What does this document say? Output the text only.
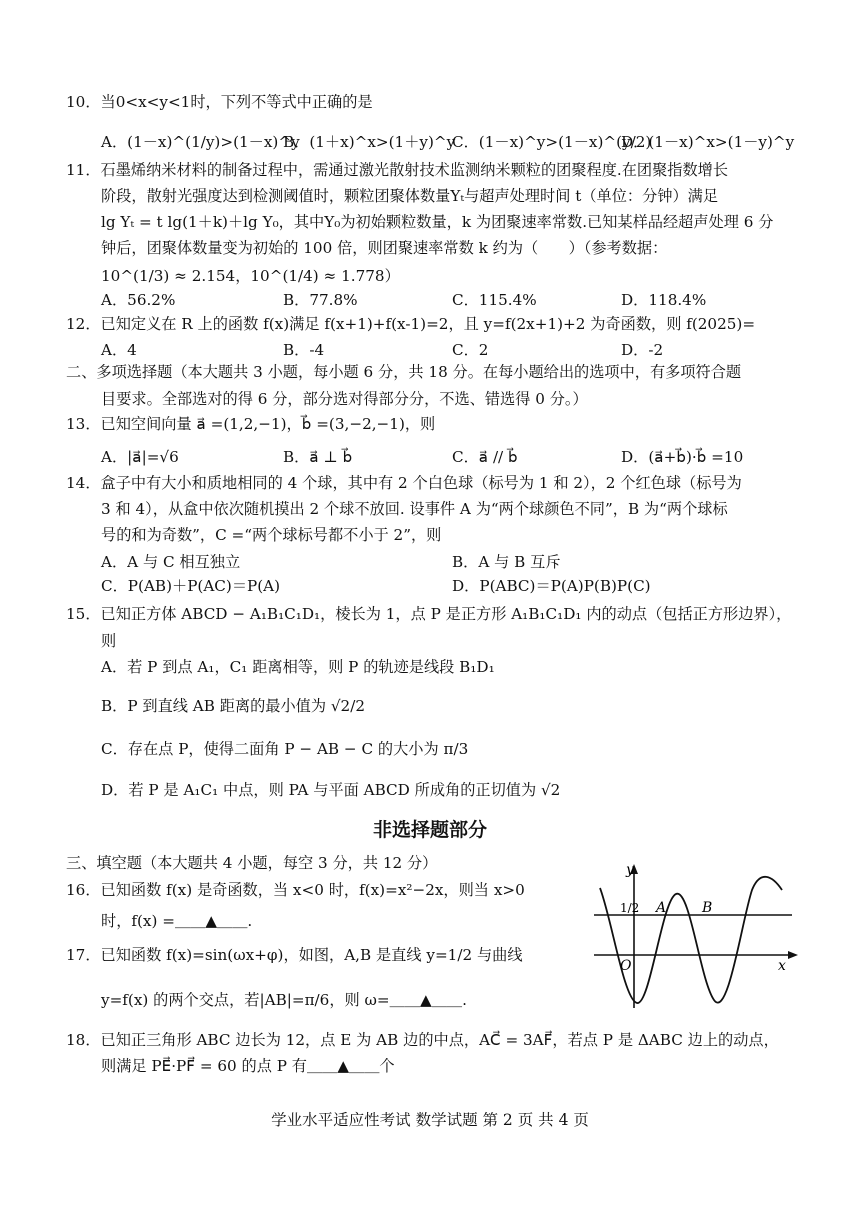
10．当0<x<y<1时，下列不等式中正确的是
A．(1－x)^(1/y)>(1－x)^y
B．(1＋x)^x>(1＋y)^y
C．(1－x)^y>(1－x)^(y/2)
D．(1－x)^x>(1－y)^y
11．石墨烯纳米材料的制备过程中，需通过激光散射技术监测纳米颗粒的团聚程度.在团聚指数增长
阶段，散射光强度达到检测阈值时，颗粒团聚体数量Yₜ与超声处理时间 t（单位：分钟）满足
lg Yₜ = t lg(1＋k)＋lg Y₀，其中Y₀为初始颗粒数量，k 为团聚速率常数.已知某样品经超声处理 6 分
钟后，团聚体数量变为初始的 100 倍，则团聚速率常数 k 约为（　　）（参考数据：
10^(1/3) ≈ 2.154，10^(1/4) ≈ 1.778）
A．56.2%	B．77.8%	C．115.4%	D．118.4%
12．已知定义在 R 上的函数 f(x)满足 f(x+1)+f(x-1)=2，且 y=f(2x+1)+2 为奇函数，则 f(2025)=
A．4	B．-4	C．2	D．-2
二、多项选择题（本大题共 3 小题，每小题 6 分，共 18 分。在每小题给出的选项中，有多项符合题
目要求。全部选对的得 6 分，部分选对得部分分，不选、错选得 0 分。）
13．已知空间向量 a⃗ =(1,2,−1)，b⃗ =(3,−2,−1)，则
A．|a⃗|=√6	B．a⃗ ⊥ b⃗	C．a⃗ // b⃗	D．(a⃗+b⃗)·b⃗ =10
14．盒子中有大小和质地相同的 4 个球，其中有 2 个白色球（标号为 1 和 2），2 个红色球（标号为
3 和 4），从盒中依次随机摸出 2 个球不放回. 设事件 A 为“两个球颜色不同”，B 为“两个球标
号的和为奇数”，C =“两个球标号都不小于 2”，则
A．A 与 C 相互独立	B．A 与 B 互斥
C．P(AB)＋P(AC)＝P(A)	D．P(ABC)＝P(A)P(B)P(C)
15．已知正方体 ABCD − A₁B₁C₁D₁，棱长为 1，点 P 是正方形 A₁B₁C₁D₁ 内的动点（包括正方形边界），
则
A．若 P 到点 A₁，C₁ 距离相等，则 P 的轨迹是线段 B₁D₁
B．P 到直线 AB 距离的最小值为 √2/2
C．存在点 P，使得二面角 P − AB − C 的大小为 π/3
D．若 P 是 A₁C₁ 中点，则 PA 与平面 ABCD 所成角的正切值为 √2
非选择题部分
三、填空题（本大题共 4 小题，每空 3 分，共 12 分）
16．已知函数 f(x) 是奇函数，当 x<0 时，f(x)=x²−2x，则当 x>0
时，f(x) =＿＿▲＿＿.
17．已知函数 f(x)=sin(ωx+φ)，如图，A,B 是直线 y=1/2 与曲线
y=f(x) 的两个交点，若|AB|=π/6，则 ω=＿＿▲＿＿.
18．已知正三角形 ABC 边长为 12，点 E 为 AB 边的中点，AC⃗ = 3AF⃗，若点 P 是 ΔABC 边上的动点，
则满足 PE⃗·PF⃗ = 60 的点 P 有＿＿▲＿＿个
y
x
O
1/2 A	B
学业水平适应性考试 数学试题 第 2 页 共 4 页
